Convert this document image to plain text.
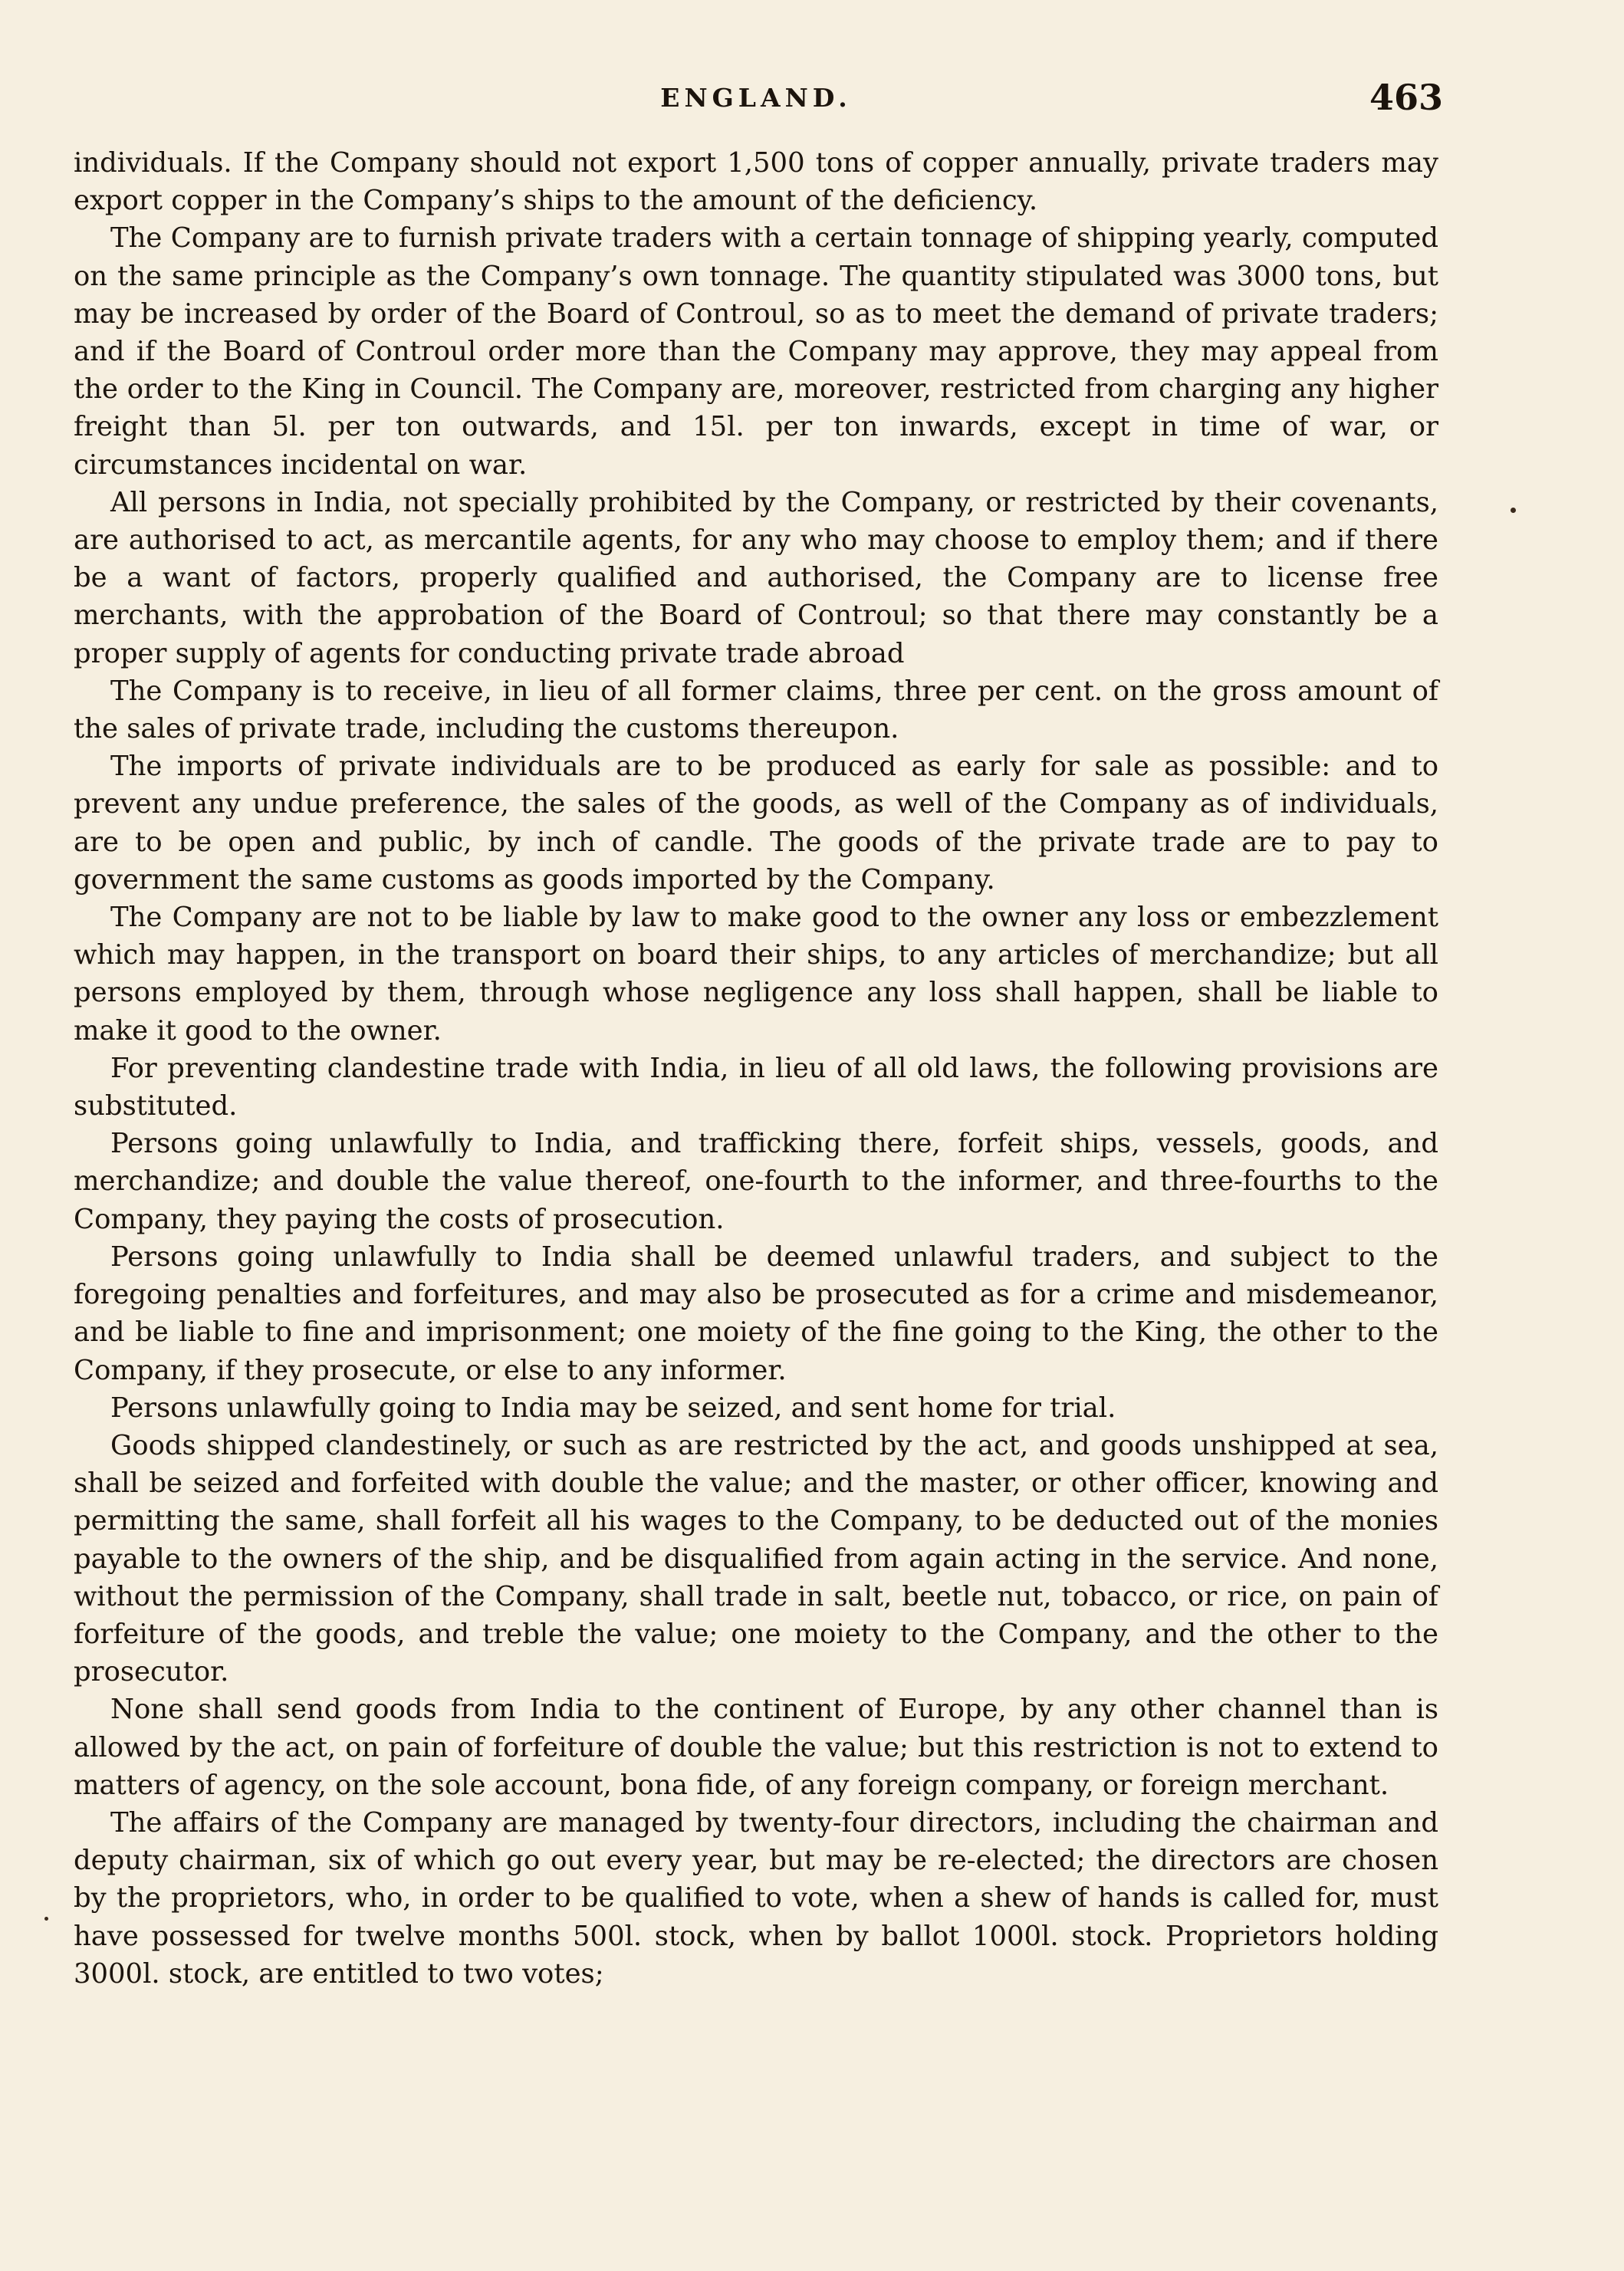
ENGLAND.	463

individuals. If the Company should not export 1,500 tons of copper annually, private traders may export copper in the Company’s ships to the amount of the deficiency.

The Company are to furnish private traders with a certain tonnage of shipping yearly, computed on the same principle as the Company’s own tonnage. The quantity stipulated was 3000 tons, but may be increased by order of the Board of Controul, so as to meet the demand of private traders; and if the Board of Controul order more than the Company may approve, they may appeal from the order to the King in Council. The Company are, moreover, restricted from charging any higher freight than 5l. per ton outwards, and 15l. per ton inwards, except in time of war, or circumstances incidental on war.

All persons in India, not specially prohibited by the Company, or restricted by their covenants, are authorised to act, as mercantile agents, for any who may choose to employ them; and if there be a want of factors, properly qualified and authorised, the Company are to license free merchants, with the approbation of the Board of Controul; so that there may constantly be a proper supply of agents for conducting private trade abroad

The Company is to receive, in lieu of all former claims, three per cent. on the gross amount of the sales of private trade, including the customs thereupon.

The imports of private individuals are to be produced as early for sale as possible: and to prevent any undue preference, the sales of the goods, as well of the Company as of individuals, are to be open and public, by inch of candle. The goods of the private trade are to pay to government the same customs as goods imported by the Company.

The Company are not to be liable by law to make good to the owner any loss or embezzlement which may happen, in the transport on board their ships, to any articles of merchandize; but all persons employed by them, through whose negligence any loss shall happen, shall be liable to make it good to the owner.

For preventing clandestine trade with India, in lieu of all old laws, the following provisions are substituted.

Persons going unlawfully to India, and trafficking there, forfeit ships, vessels, goods, and merchandize; and double the value thereof, one-fourth to the informer, and three-fourths to the Company, they paying the costs of prosecution.

Persons going unlawfully to India shall be deemed unlawful traders, and subject to the foregoing penalties and forfeitures, and may also be prosecuted as for a crime and misdemeanor, and be liable to fine and imprisonment; one moiety of the fine going to the King, the other to the Company, if they prosecute, or else to any informer.

Persons unlawfully going to India may be seized, and sent home for trial.

Goods shipped clandestinely, or such as are restricted by the act, and goods unshipped at sea, shall be seized and forfeited with double the value; and the master, or other officer, knowing and permitting the same, shall forfeit all his wages to the Company, to be deducted out of the monies payable to the owners of the ship, and be disqualified from again acting in the service. And none, without the permission of the Company, shall trade in salt, beetle nut, tobacco, or rice, on pain of forfeiture of the goods, and treble the value; one moiety to the Company, and the other to the prosecutor.

None shall send goods from India to the continent of Europe, by any other channel than is allowed by the act, on pain of forfeiture of double the value; but this restriction is not to extend to matters of agency, on the sole account, bona fide, of any foreign company, or foreign merchant.

The affairs of the Company are managed by twenty-four directors, including the chairman and deputy chairman, six of which go out every year, but may be re-elected; the directors are chosen by the proprietors, who, in order to be qualified to vote, when a shew of hands is called for, must have possessed for twelve months 500l. stock, when by ballot 1000l. stock. Proprietors holding 3000l. stock, are entitled to two votes;
